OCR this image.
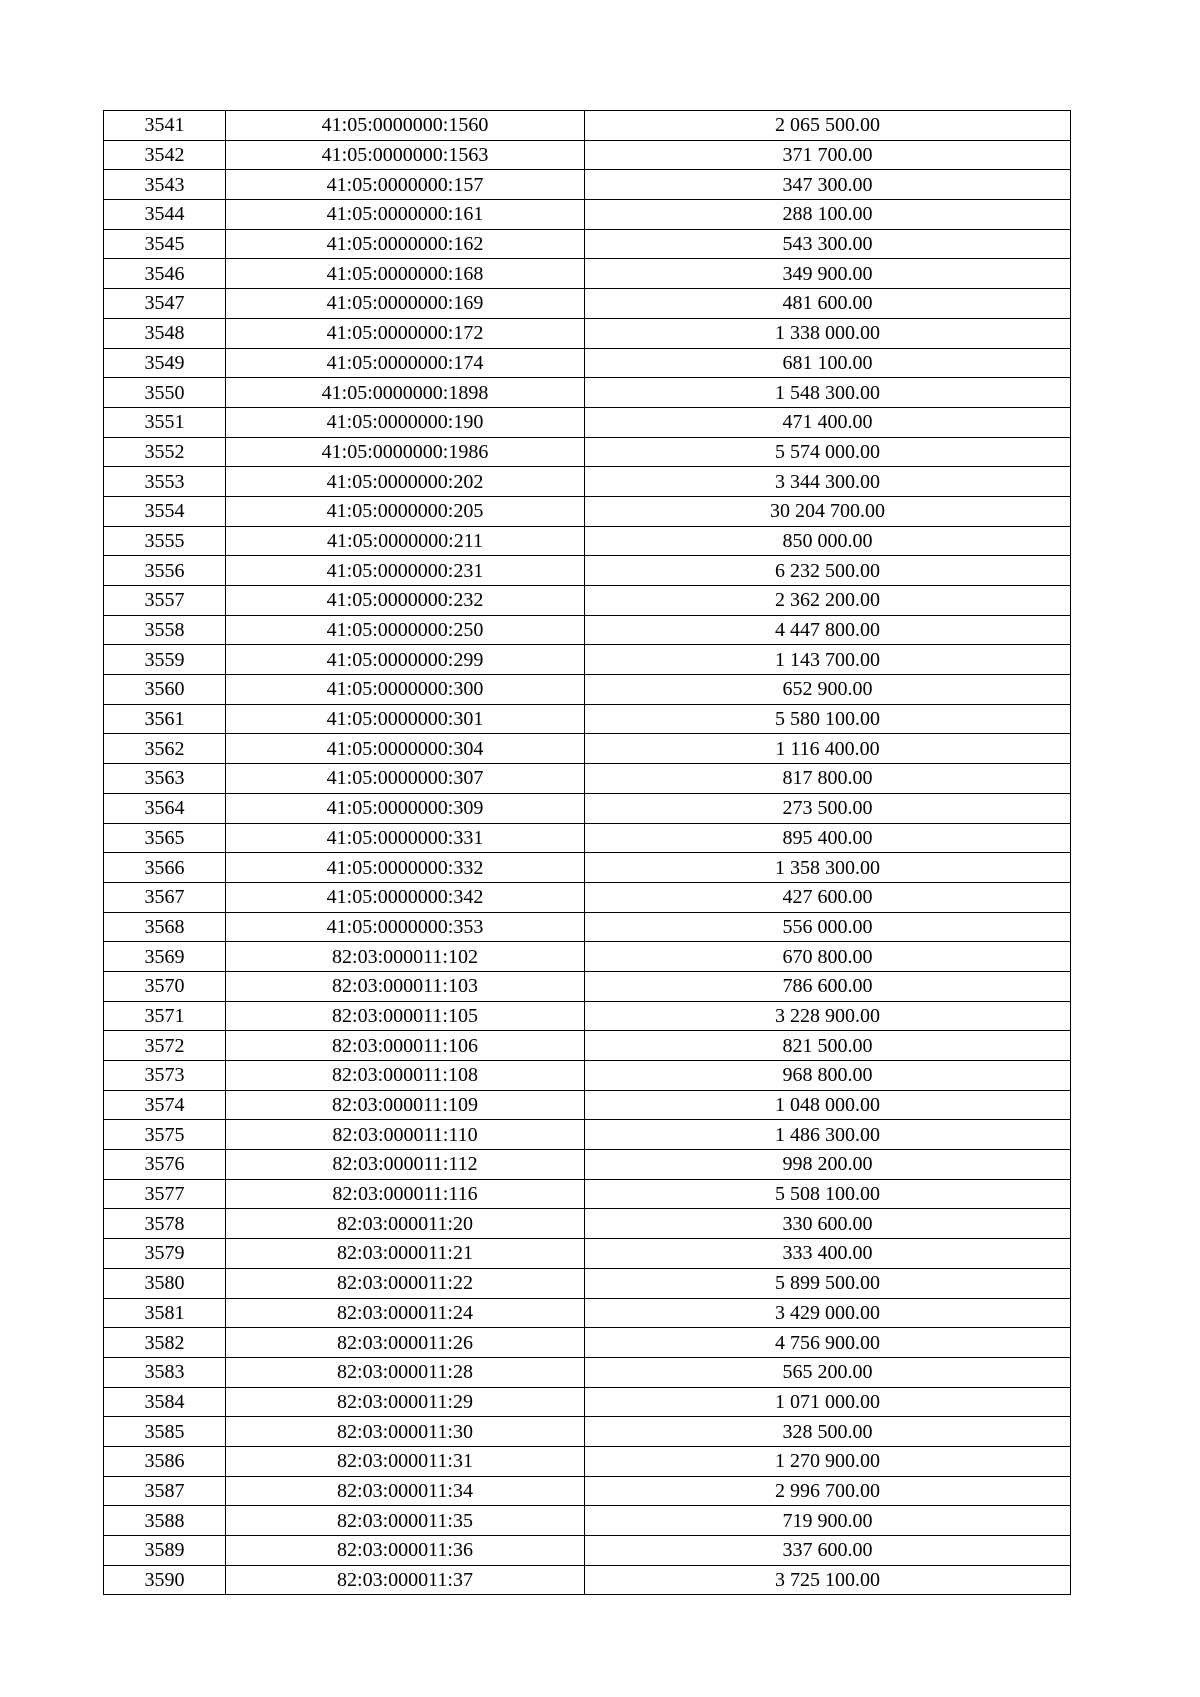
3541	41:05:0000000:1560	2 065 500.00
3542	41:05:0000000:1563	371 700.00
3543	41:05:0000000:157	347 300.00
3544	41:05:0000000:161	288 100.00
3545	41:05:0000000:162	543 300.00
3546	41:05:0000000:168	349 900.00
3547	41:05:0000000:169	481 600.00
3548	41:05:0000000:172	1 338 000.00
3549	41:05:0000000:174	681 100.00
3550	41:05:0000000:1898	1 548 300.00
3551	41:05:0000000:190	471 400.00
3552	41:05:0000000:1986	5 574 000.00
3553	41:05:0000000:202	3 344 300.00
3554	41:05:0000000:205	30 204 700.00
3555	41:05:0000000:211	850 000.00
3556	41:05:0000000:231	6 232 500.00
3557	41:05:0000000:232	2 362 200.00
3558	41:05:0000000:250	4 447 800.00
3559	41:05:0000000:299	1 143 700.00
3560	41:05:0000000:300	652 900.00
3561	41:05:0000000:301	5 580 100.00
3562	41:05:0000000:304	1 116 400.00
3563	41:05:0000000:307	817 800.00
3564	41:05:0000000:309	273 500.00
3565	41:05:0000000:331	895 400.00
3566	41:05:0000000:332	1 358 300.00
3567	41:05:0000000:342	427 600.00
3568	41:05:0000000:353	556 000.00
3569	82:03:000011:102	670 800.00
3570	82:03:000011:103	786 600.00
3571	82:03:000011:105	3 228 900.00
3572	82:03:000011:106	821 500.00
3573	82:03:000011:108	968 800.00
3574	82:03:000011:109	1 048 000.00
3575	82:03:000011:110	1 486 300.00
3576	82:03:000011:112	998 200.00
3577	82:03:000011:116	5 508 100.00
3578	82:03:000011:20	330 600.00
3579	82:03:000011:21	333 400.00
3580	82:03:000011:22	5 899 500.00
3581	82:03:000011:24	3 429 000.00
3582	82:03:000011:26	4 756 900.00
3583	82:03:000011:28	565 200.00
3584	82:03:000011:29	1 071 000.00
3585	82:03:000011:30	328 500.00
3586	82:03:000011:31	1 270 900.00
3587	82:03:000011:34	2 996 700.00
3588	82:03:000011:35	719 900.00
3589	82:03:000011:36	337 600.00
3590	82:03:000011:37	3 725 100.00
